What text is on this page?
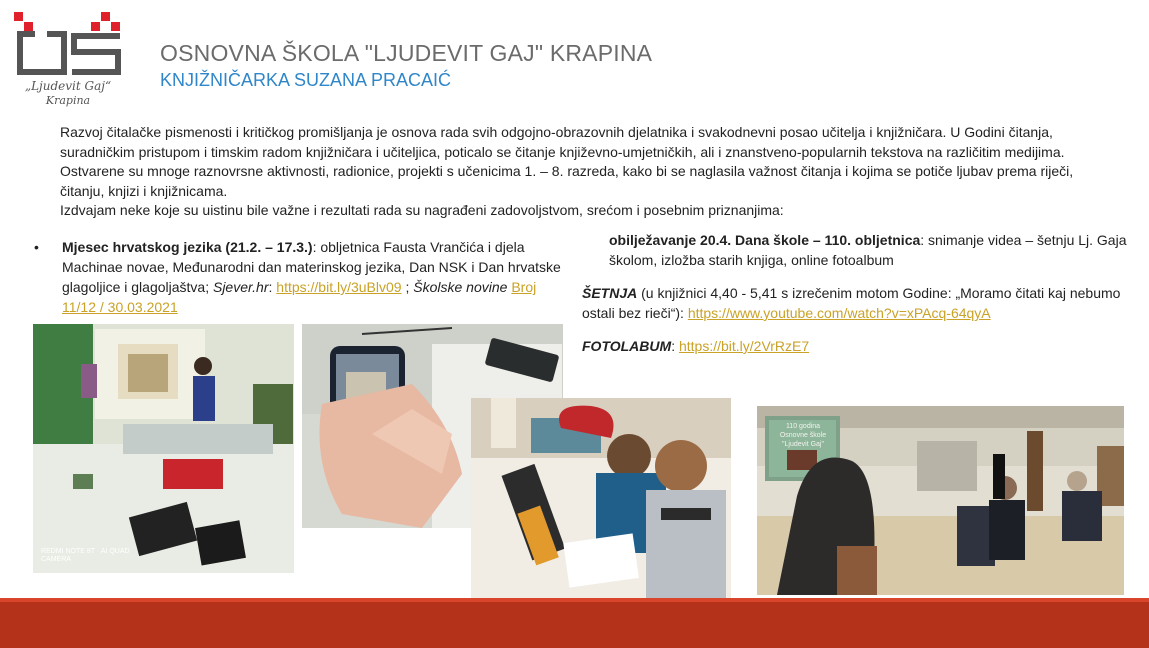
„Ljudevit Gaj“
Krapina
OSNOVNA ŠKOLA "LJUDEVIT GAJ" KRAPINA
KNJIŽNIČARKA SUZANA PRACAIĆ

Razvoj čitalačke pismenosti i kritičkog promišljanja je osnova rada svih odgojno-obrazovnih djelatnika i svakodnevni posao učitelja i knjižničara. U Godini čitanja, suradničkim pristupom i timskim radom knjižničara i učiteljica, poticalo se čitanje književno-umjetničkih, ali i znanstveno-popularnih tekstova na različitim medijima. Ostvarene su mnoge raznovrsne aktivnosti, radionice, projekti s učenicima 1. – 8. razreda, kako bi se naglasila važnost čitanja i kojima se potiče ljubav prema riječi, čitanju, knjizi i knjižnicama.

Izdvajam neke koje su uistinu bile važne i rezultati rada su nagrađeni zadovoljstvom, srećom i posebnim priznanjima:

• Mjesec hrvatskog jezika (21.2. – 17.3.): obljetnica Fausta Vrančića i djela Machinae novae, Međunarodni dan materinskog jezika, Dan NSK i Dan hrvatske glagoljice i glagoljaštva; Sjever.hr: https://bit.ly/3uBlv09 ; Školske novine Broj 11/12 / 30.03.2021

obilježavanje 20.4. Dana škole – 110. obljetnica: snimanje videa – šetnju Lj. Gaja školom, izložba starih knjiga, online fotoalbum

ŠETNJA (u knjižnici 4,40 - 5,41 s izrečenim motom Godine: „Moramo čitati kaj nebumo ostali bez rieči“): https://www.youtube.com/watch?v=xPAcq-64qyA

FOTOLABUM: https://bit.ly/2VrRzE7

REDMI NOTE 8T · AI QUAD CAMERA
110 godina Osnovne škole "Ljudevit Gaj"
